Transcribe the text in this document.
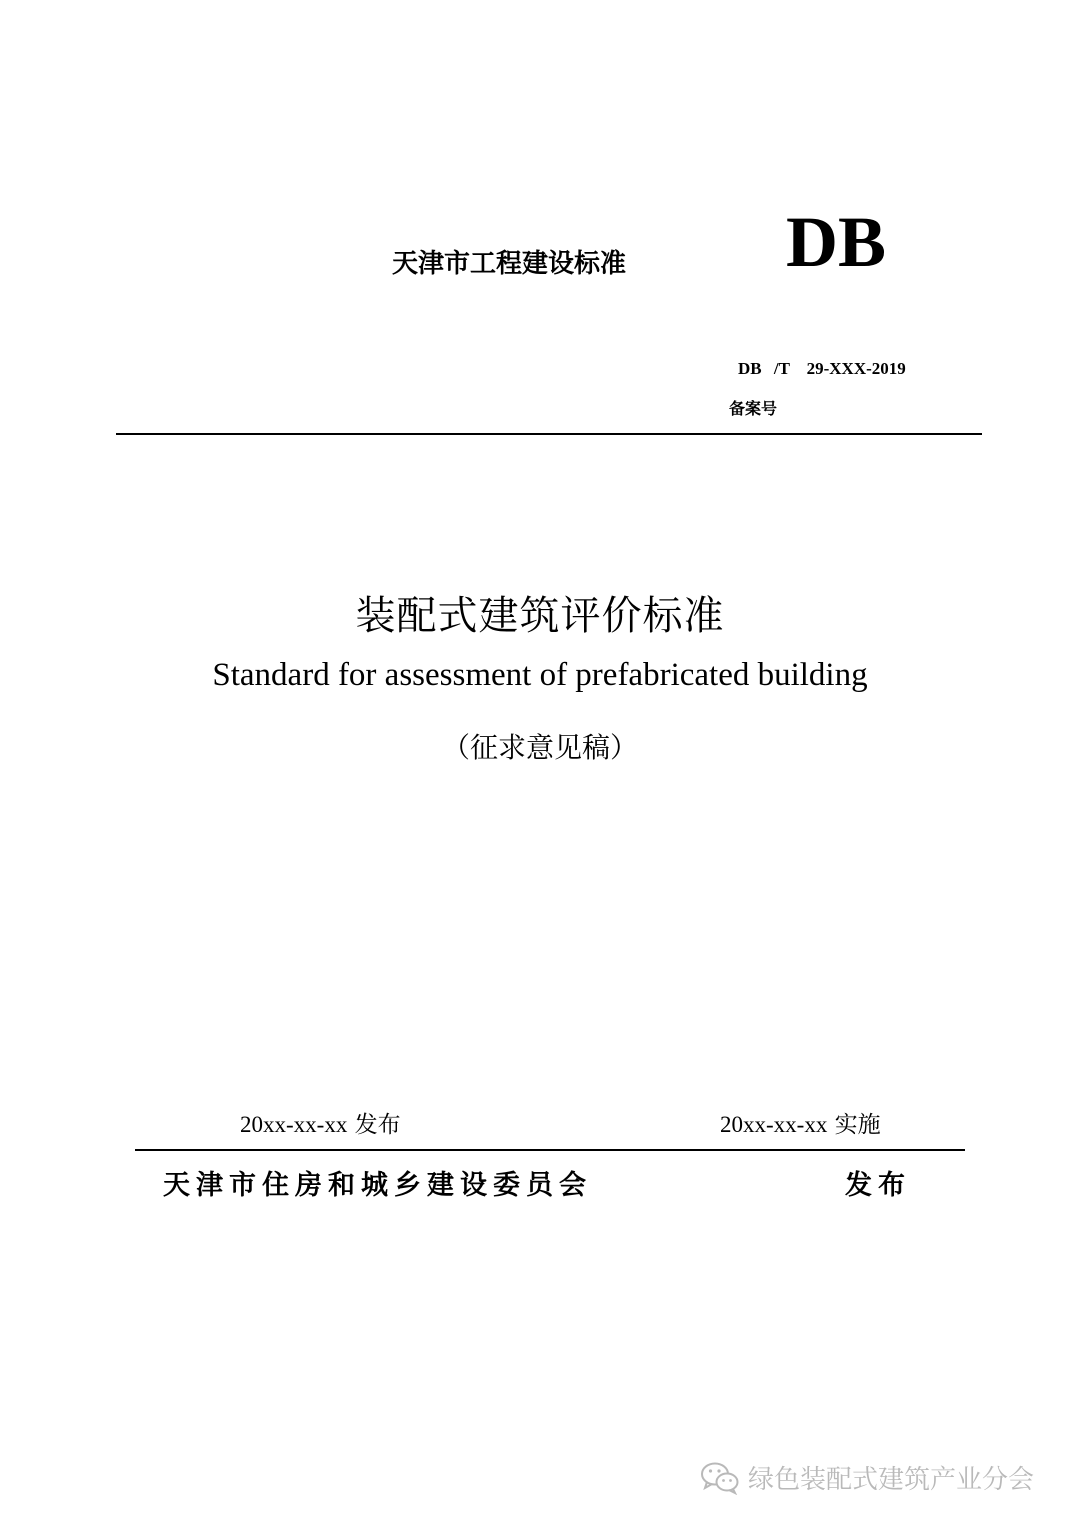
天津市工程建设标准 DB
DB /T　29-XXX-2019
备案号
装配式建筑评价标准
Standard for assessment of prefabricated building
（征求意见稿）
20xx-xx-xx 发布	20xx-xx-xx 实施
天津市住房和城乡建设委员会	发布
绿色装配式建筑产业分会
